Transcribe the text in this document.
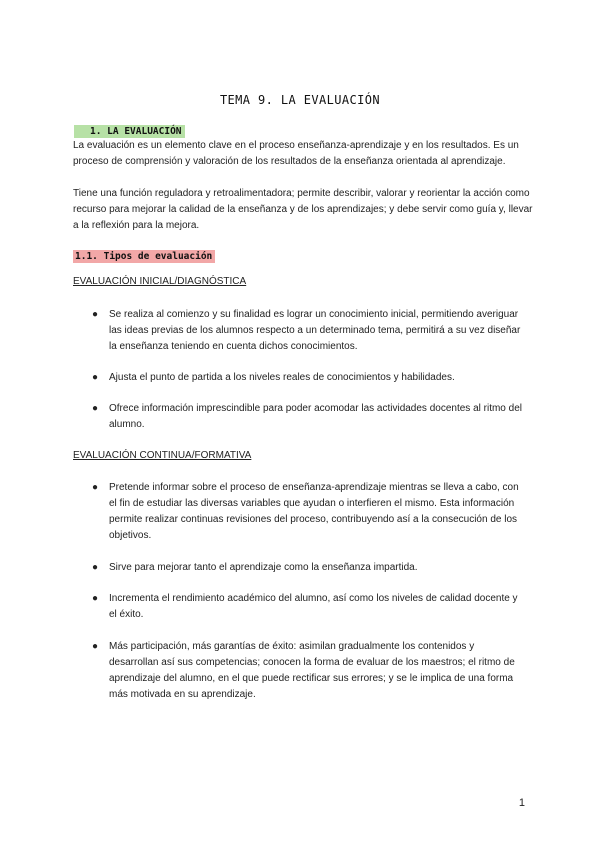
TEMA 9. LA EVALUACIÓN
1. LA EVALUACIÓN
La evaluación es un elemento clave en el proceso enseñanza-aprendizaje y en los resultados. Es un proceso de comprensión y valoración de los resultados de la enseñanza orientada al aprendizaje.
Tiene una función reguladora y retroalimentadora; permite describir, valorar y reorientar la acción como recurso para mejorar la calidad de la enseñanza y de los aprendizajes; y debe servir como guía y, llevar a la reflexión para la mejora.
1.1. Tipos de evaluación
EVALUACIÓN INICIAL/DIAGNÓSTICA
●	Se realiza al comienzo y su finalidad es lograr un conocimiento inicial, permitiendo averiguar las ideas previas de los alumnos respecto a un determinado tema, permitirá a su vez diseñar la enseñanza teniendo en cuenta dichos conocimientos.
●	Ajusta el punto de partida a los niveles reales de conocimientos y habilidades.
●	Ofrece información imprescindible para poder acomodar las actividades docentes al ritmo del alumno.
EVALUACIÓN CONTINUA/FORMATIVA
●	Pretende informar sobre el proceso de enseñanza-aprendizaje mientras se lleva a cabo, con el fin de estudiar las diversas variables que ayudan o interfieren el mismo. Esta información permite realizar continuas revisiones del proceso, contribuyendo así a la consecución de los objetivos.
●	Sirve para mejorar tanto el aprendizaje como la enseñanza impartida.
●	Incrementa el rendimiento académico del alumno, así como los niveles de calidad docente y el éxito.
●	Más participación, más garantías de éxito: asimilan gradualmente los contenidos y desarrollan así sus competencias; conocen la forma de evaluar de los maestros; el ritmo de aprendizaje del alumno, en el que puede rectificar sus errores; y se le implica de una forma más motivada en su aprendizaje.
1
